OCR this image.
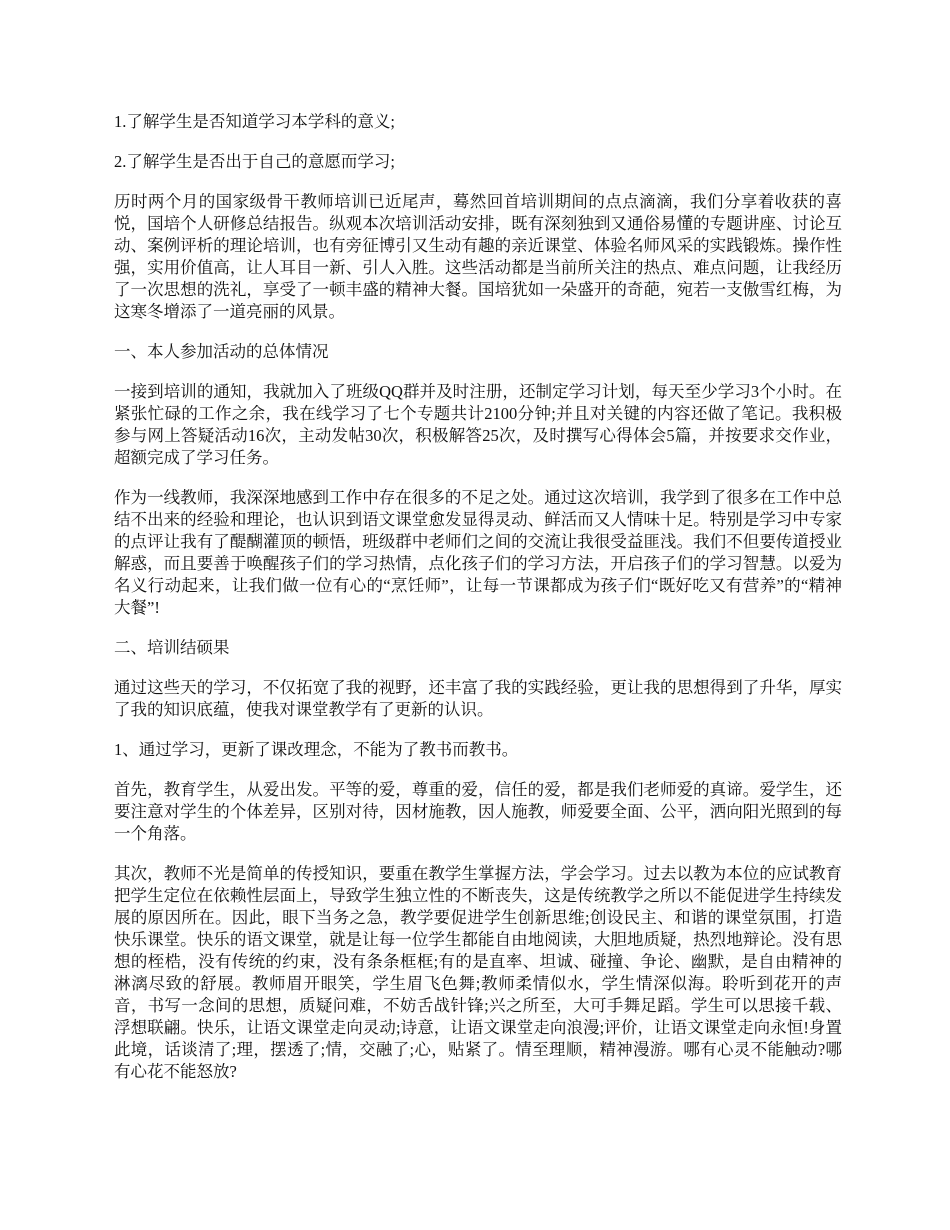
1.了解学生是否知道学习本学科的意义;

2.了解学生是否出于自己的意愿而学习;

历时两个月的国家级骨干教师培训已近尾声，蓦然回首培训期间的点点滴滴，我们分享着收获的喜悦，国培个人研修总结报告。纵观本次培训活动安排，既有深刻独到又通俗易懂的专题讲座、讨论互动、案例评析的理论培训，也有旁征博引又生动有趣的亲近课堂、体验名师风采的实践锻炼。操作性强，实用价值高，让人耳目一新、引人入胜。这些活动都是当前所关注的热点、难点问题，让我经历了一次思想的洗礼，享受了一顿丰盛的精神大餐。国培犹如一朵盛开的奇葩，宛若一支傲雪红梅，为这寒冬增添了一道亮丽的风景。

一、本人参加活动的总体情况

一接到培训的通知，我就加入了班级QQ群并及时注册，还制定学习计划，每天至少学习3个小时。在紧张忙碌的工作之余，我在线学习了七个专题共计2100分钟;并且对关键的内容还做了笔记。我积极参与网上答疑活动16次，主动发帖30次，积极解答25次，及时撰写心得体会5篇，并按要求交作业，超额完成了学习任务。

作为一线教师，我深深地感到工作中存在很多的不足之处。通过这次培训，我学到了很多在工作中总结不出来的经验和理论，也认识到语文课堂愈发显得灵动、鲜活而又人情味十足。特别是学习中专家的点评让我有了醍醐灌顶的顿悟，班级群中老师们之间的交流让我很受益匪浅。我们不但要传道授业解惑，而且要善于唤醒孩子们的学习热情，点化孩子们的学习方法，开启孩子们的学习智慧。以爱为名义行动起来，让我们做一位有心的“烹饪师”，让每一节课都成为孩子们“既好吃又有营养”的“精神大餐”!

二、培训结硕果

通过这些天的学习，不仅拓宽了我的视野，还丰富了我的实践经验，更让我的思想得到了升华，厚实了我的知识底蕴，使我对课堂教学有了更新的认识。

1、通过学习，更新了课改理念，不能为了教书而教书。

首先，教育学生，从爱出发。平等的爱，尊重的爱，信任的爱，都是我们老师爱的真谛。爱学生，还要注意对学生的个体差异，区别对待，因材施教，因人施教，师爱要全面、公平，洒向阳光照到的每一个角落。

其次，教师不光是简单的传授知识，要重在教学生掌握方法，学会学习。过去以教为本位的应试教育把学生定位在依赖性层面上，导致学生独立性的不断丧失，这是传统教学之所以不能促进学生持续发展的原因所在。因此，眼下当务之急，教学要促进学生创新思维;创设民主、和谐的课堂氛围，打造快乐课堂。快乐的语文课堂，就是让每一位学生都能自由地阅读，大胆地质疑，热烈地辩论。没有思想的桎梏，没有传统的约束，没有条条框框;有的是直率、坦诚、碰撞、争论、幽默，是自由精神的淋漓尽致的舒展。教师眉开眼笑，学生眉飞色舞;教师柔情似水，学生情深似海。聆听到花开的声音，书写一念间的思想，质疑问难，不妨舌战针锋;兴之所至，大可手舞足蹈。学生可以思接千载、浮想联翩。快乐，让语文课堂走向灵动;诗意，让语文课堂走向浪漫;评价，让语文课堂走向永恒!身置此境，话谈清了;理，摆透了;情，交融了;心，贴紧了。情至理顺，精神漫游。哪有心灵不能触动?哪有心花不能怒放?
